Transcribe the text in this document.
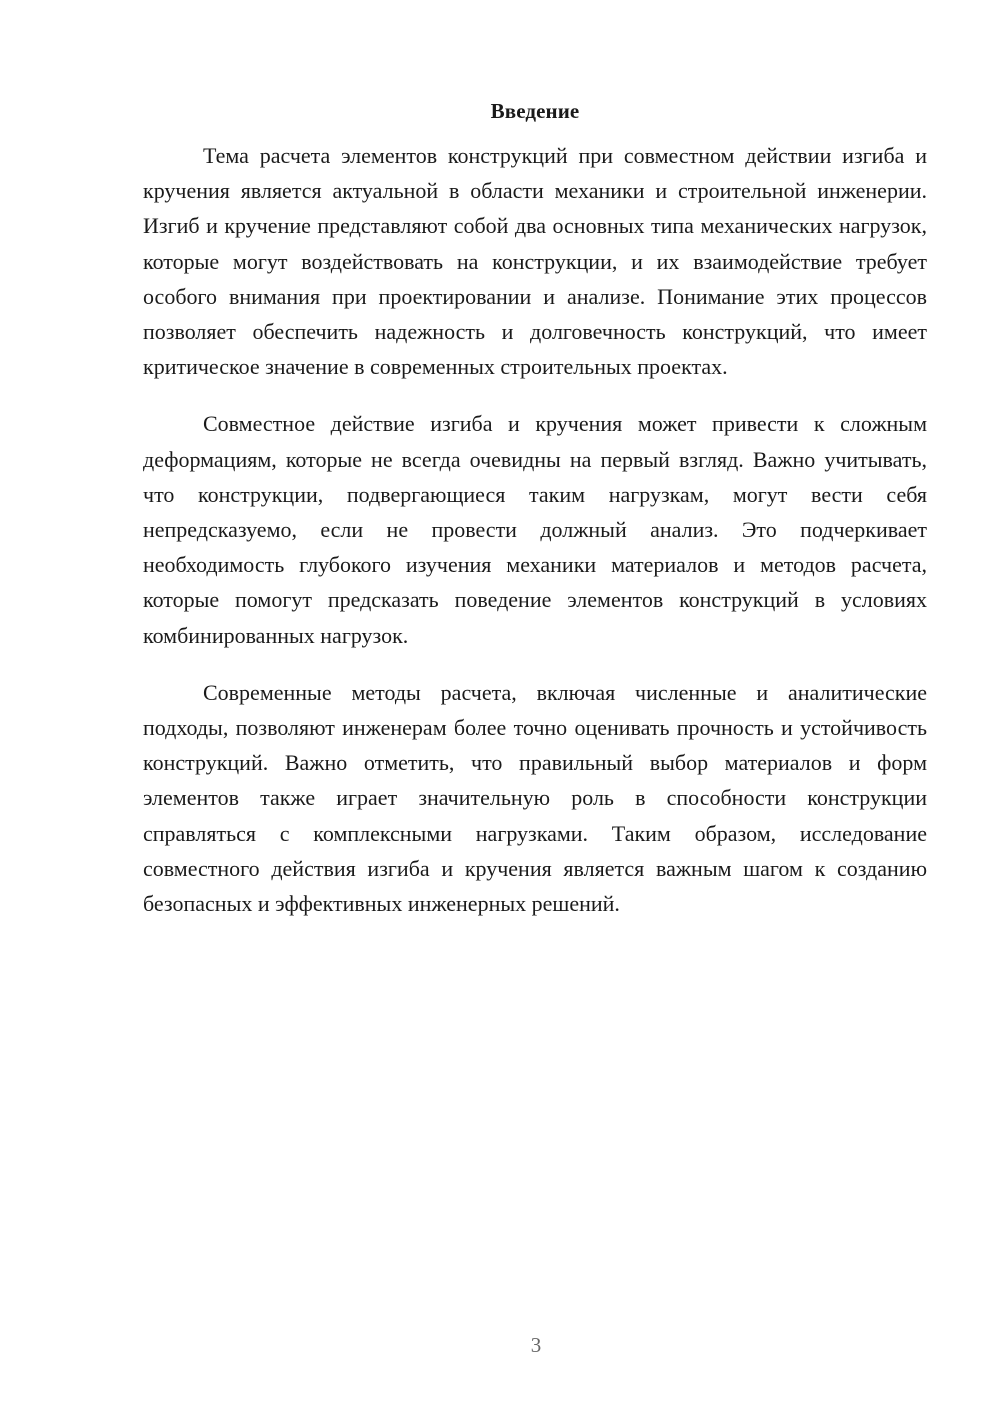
Введение

Тема расчета элементов конструкций при совместном действии изгиба и кручения является актуальной в области механики и строительной инженерии. Изгиб и кручение представляют собой два основных типа механических нагрузок, которые могут воздействовать на конструкции, и их взаимодействие требует особого внимания при проектировании и анализе. Понимание этих процессов позволяет обеспечить надежность и долговечность конструкций, что имеет критическое значение в современных строительных проектах.

Совместное действие изгиба и кручения может привести к сложным деформациям, которые не всегда очевидны на первый взгляд. Важно учитывать, что конструкции, подвергающиеся таким нагрузкам, могут вести себя непредсказуемо, если не провести должный анализ. Это подчеркивает необходимость глубокого изучения механики материалов и методов расчета, которые помогут предсказать поведение элементов конструкций в условиях комбинированных нагрузок.

Современные методы расчета, включая численные и аналитические подходы, позволяют инженерам более точно оценивать прочность и устойчивость конструкций. Важно отметить, что правильный выбор материалов и форм элементов также играет значительную роль в способности конструкции справляться с комплексными нагрузками. Таким образом, исследование совместного действия изгиба и кручения является важным шагом к созданию безопасных и эффективных инженерных решений.

3
